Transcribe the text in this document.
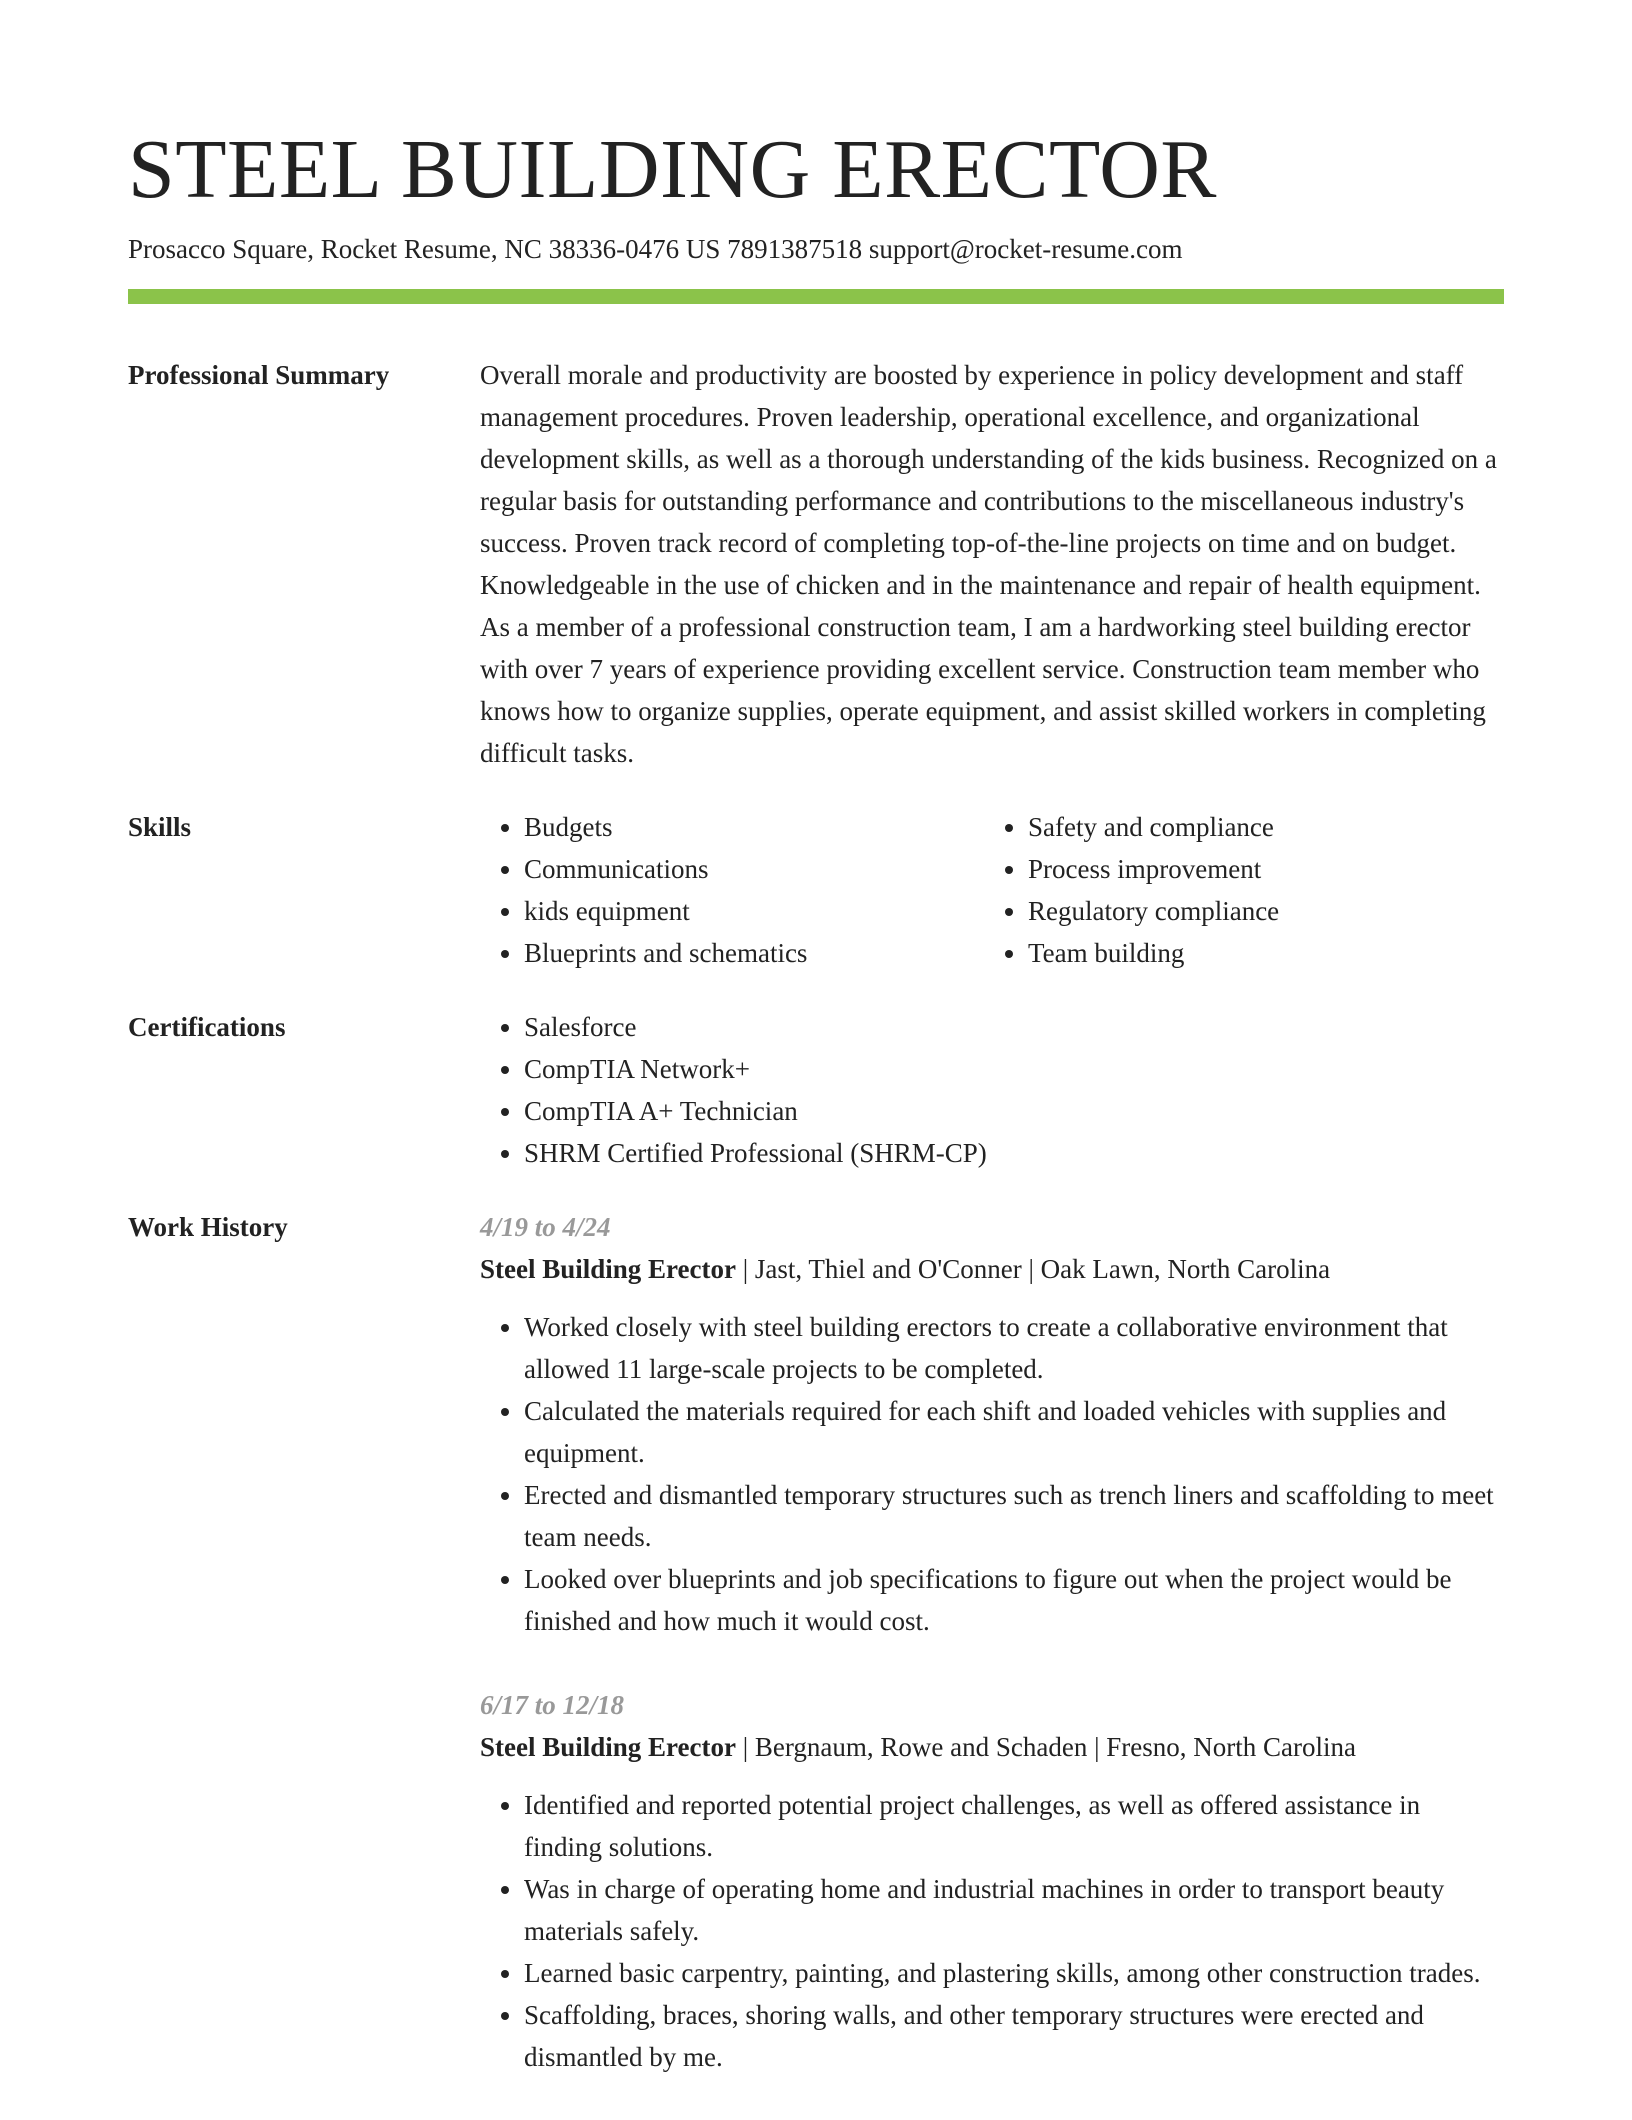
STEEL BUILDING ERECTOR
Prosacco Square, Rocket Resume, NC 38336-0476 US 7891387518 support@rocket-resume.com
Professional Summary	Overall morale and productivity are boosted by experience in policy development and staff management procedures. Proven leadership, operational excellence, and organizational development skills, as well as a thorough understanding of the kids business. Recognized on a regular basis for outstanding performance and contributions to the miscellaneous industry's success. Proven track record of completing top-of-the-line projects on time and on budget. Knowledgeable in the use of chicken and in the maintenance and repair of health equipment. As a member of a professional construction team, I am a hardworking steel building erector with over 7 years of experience providing excellent service. Construction team member who knows how to organize supplies, operate equipment, and assist skilled workers in completing difficult tasks.

Skills	• Budgets
• Communications
• kids equipment
• Blueprints and schematics
• Safety and compliance
• Process improvement
• Regulatory compliance
• Team building
Certifications	• Salesforce
• CompTIA Network+
• CompTIA A+ Technician
• SHRM Certified Professional (SHRM-CP)
Work History	4/19 to 4/24
Steel Building Erector | Jast, Thiel and O'Conner | Oak Lawn, North Carolina
• Worked closely with steel building erectors to create a collaborative environment that allowed 11 large-scale projects to be completed.
• Calculated the materials required for each shift and loaded vehicles with supplies and equipment.
• Erected and dismantled temporary structures such as trench liners and scaffolding to meet team needs.
• Looked over blueprints and job specifications to figure out when the project would be finished and how much it would cost.
6/17 to 12/18
Steel Building Erector | Bergnaum, Rowe and Schaden | Fresno, North Carolina
• Identified and reported potential project challenges, as well as offered assistance in finding solutions.
• Was in charge of operating home and industrial machines in order to transport beauty materials safely.
• Learned basic carpentry, painting, and plastering skills, among other construction trades.
• Scaffolding, braces, shoring walls, and other temporary structures were erected and dismantled by me.
